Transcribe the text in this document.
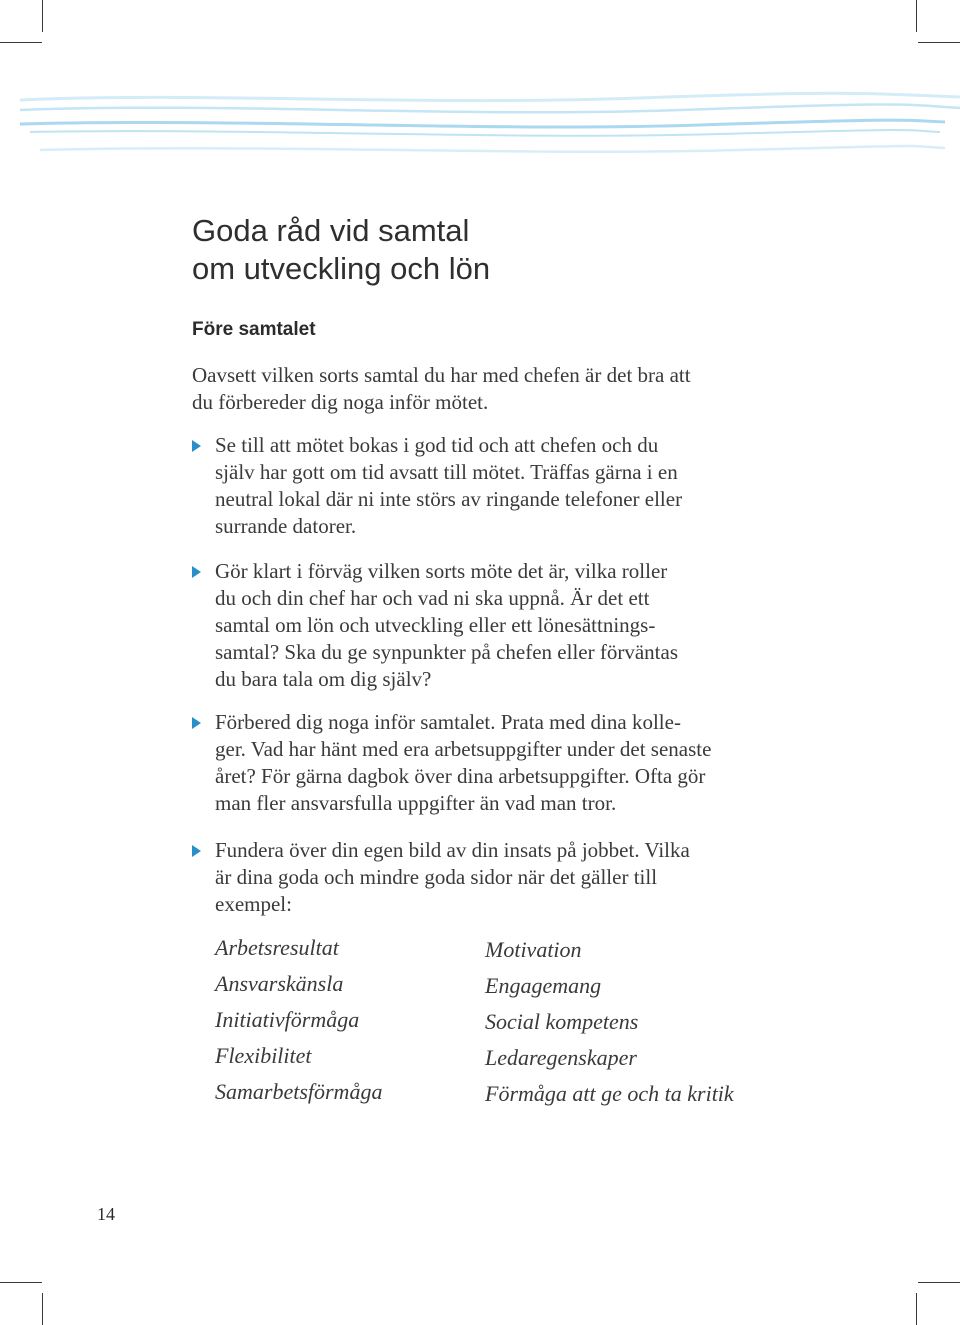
Goda råd vid samtal
om utveckling och lön
Före samtalet

Oavsett vilken sorts samtal du har med chefen är det bra att
du förbereder dig noga inför mötet.

Se till att mötet bokas i god tid och att chefen och du
själv har gott om tid avsatt till mötet. Träffas gärna i en
neutral lokal där ni inte störs av ringande telefoner eller
surrande datorer.
Gör klart i förväg vilken sorts möte det är, vilka roller
du och din chef har och vad ni ska uppnå. Är det ett
samtal om lön och utveckling eller ett lönesättnings-
samtal? Ska du ge synpunkter på chefen eller förväntas
du bara tala om dig själv?
Förbered dig noga inför samtalet. Prata med dina kolle-
ger. Vad har hänt med era arbetsuppgifter under det senaste
året? För gärna dagbok över dina arbetsuppgifter. Ofta gör
man fler ansvarsfulla uppgifter än vad man tror.
Fundera över din egen bild av din insats på jobbet. Vilka
är dina goda och mindre goda sidor när det gäller till
exempel:
Arbetsresultat
Ansvarskänsla
Initiativförmåga
Flexibilitet
Samarbetsförmåga
Motivation
Engagemang
Social kompetens
Ledaregenskaper
Förmåga att ge och ta kritik
14
